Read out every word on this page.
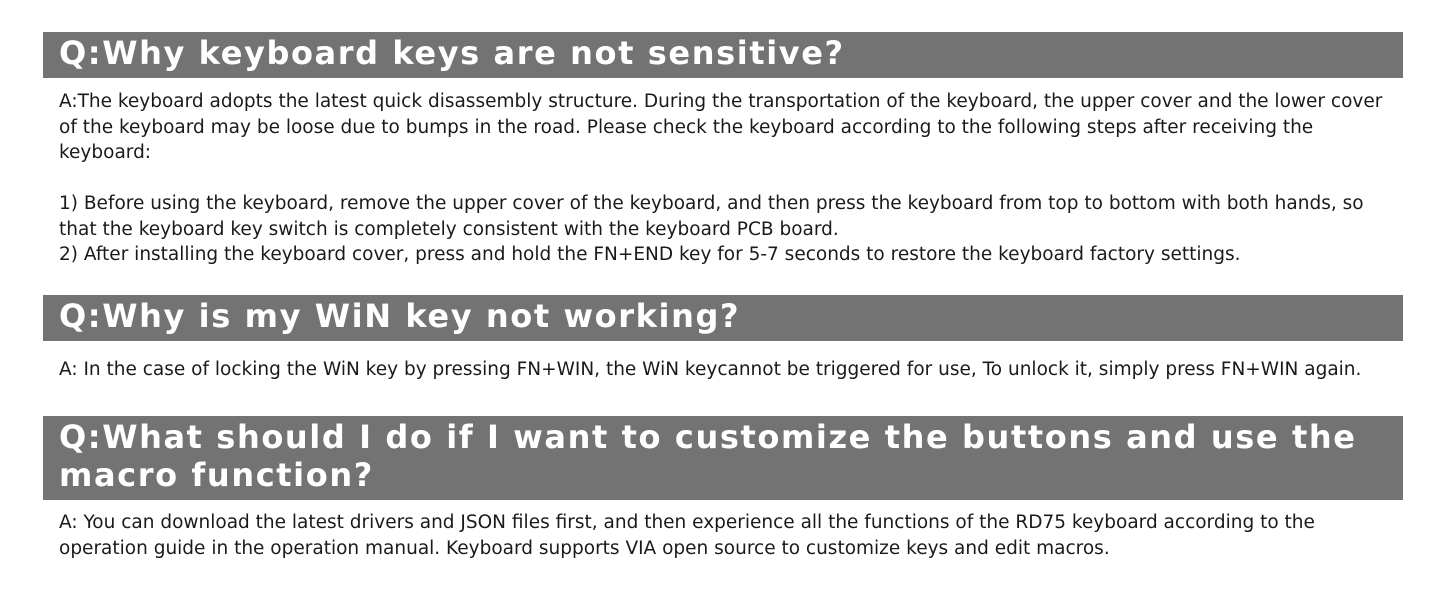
Q:Why keyboard keys are not sensitive?
A:The keyboard adopts the latest quick disassembly structure. During the transportation of the keyboard, the upper cover and the lower cover of the keyboard may be loose due to bumps in the road. Please check the keyboard according to the following steps after receiving the keyboard:

1) Before using the keyboard, remove the upper cover of the keyboard, and then press the keyboard from top to bottom with both hands, so that the keyboard key switch is completely consistent with the keyboard PCB board.
2) After installing the keyboard cover, press and hold the FN+END key for 5-7 seconds to restore the keyboard factory settings.
Q:Why is my WiN key not working?
A: In the case of locking the WiN key by pressing FN+WIN, the WiN keycannot be triggered for use, To unlock it, simply press FN+WIN again.
Q:What should I do if I want to customize the buttons and use the macro function?
A: You can download the latest drivers and JSON files first, and then experience all the functions of the RD75 keyboard according to the operation guide in the operation manual. Keyboard supports VIA open source to customize keys and edit macros.
